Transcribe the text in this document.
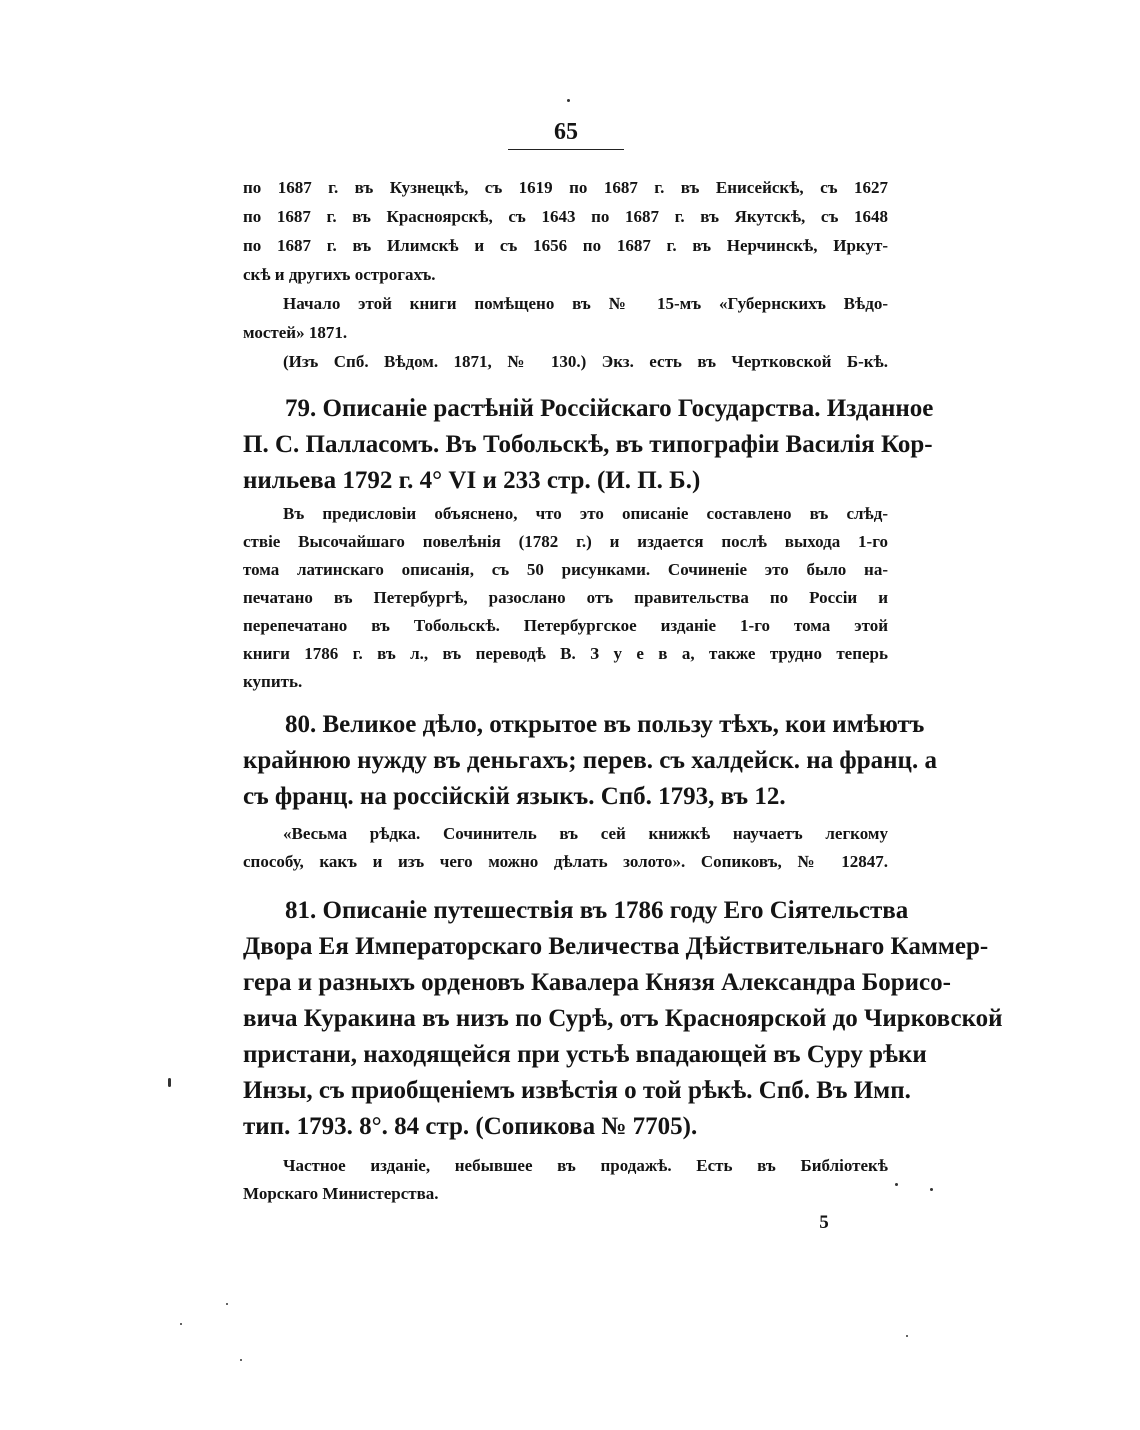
65
по 1687 г. въ Кузнецкѣ, съ 1619 по 1687 г. въ Енисейскѣ, съ 1627
по 1687 г. въ Красноярскѣ, съ 1643 по 1687 г. въ Якутскѣ, съ 1648
по 1687 г. въ Илимскѣ и съ 1656 по 1687 г. въ Нерчинскѣ, Иркут-
скѣ и другихъ острогахъ.
Начало этой книги помѣщено въ № 15-мъ «Губернскихъ Вѣдо-
мостей» 1871.
(Изъ Спб. Вѣдом. 1871, № 130.) Экз. есть въ Чертковской Б-кѣ.
79. Описаніе растѣній Россійскаго Государства. Изданное
П. С. Палласомъ. Въ Тобольскѣ, въ типографіи Василія Кор-
нильева 1792 г. 4° VI и 233 стр. (И. П. Б.)
Въ предисловіи объяснено, что это описаніе составлено въ слѣд-
ствіе Высочайшаго повелѣнія (1782 г.) и издается послѣ выхода 1-го
тома латинскаго описанія, съ 50 рисунками. Сочиненіе это было на-
печатано въ Петербургѣ, разослано отъ правительства по Россіи и
перепечатано въ Тобольскѣ. Петербургское изданіе 1-го тома этой
книги 1786 г. въ л., въ переводѣ В. З у е в а, также трудно теперь
купить.
80. Великое дѣло, открытое въ пользу тѣхъ, кои имѣютъ
крайнюю нужду въ деньгахъ; перев. съ халдейск. на франц. а
съ франц. на россійскій языкъ. Спб. 1793, въ 12.
«Весьма рѣдка. Сочинитель въ сей книжкѣ научаетъ легкому
способу, какъ и изъ чего можно дѣлать золото». Сопиковъ, № 12847.
81. Описаніе путешествія въ 1786 году Его Сіятельства
Двора Ея Императорскаго Величества Дѣйствительнаго Каммер-
гера и разныхъ орденовъ Кавалера Князя Александра Борисо-
вича Куракина въ низъ по Сурѣ, отъ Красноярской до Чирковской
пристани, находящейся при устьѣ впадающей въ Суру рѣки
Инзы, съ приобщеніемъ извѣстія о той рѣкѣ. Спб. Въ Имп.
тип. 1793. 8°. 84 стр. (Сопикова № 7705).
Частное изданіе, небывшее въ продажѣ. Есть въ Библіотекѣ
Морскаго Министерства.
5
